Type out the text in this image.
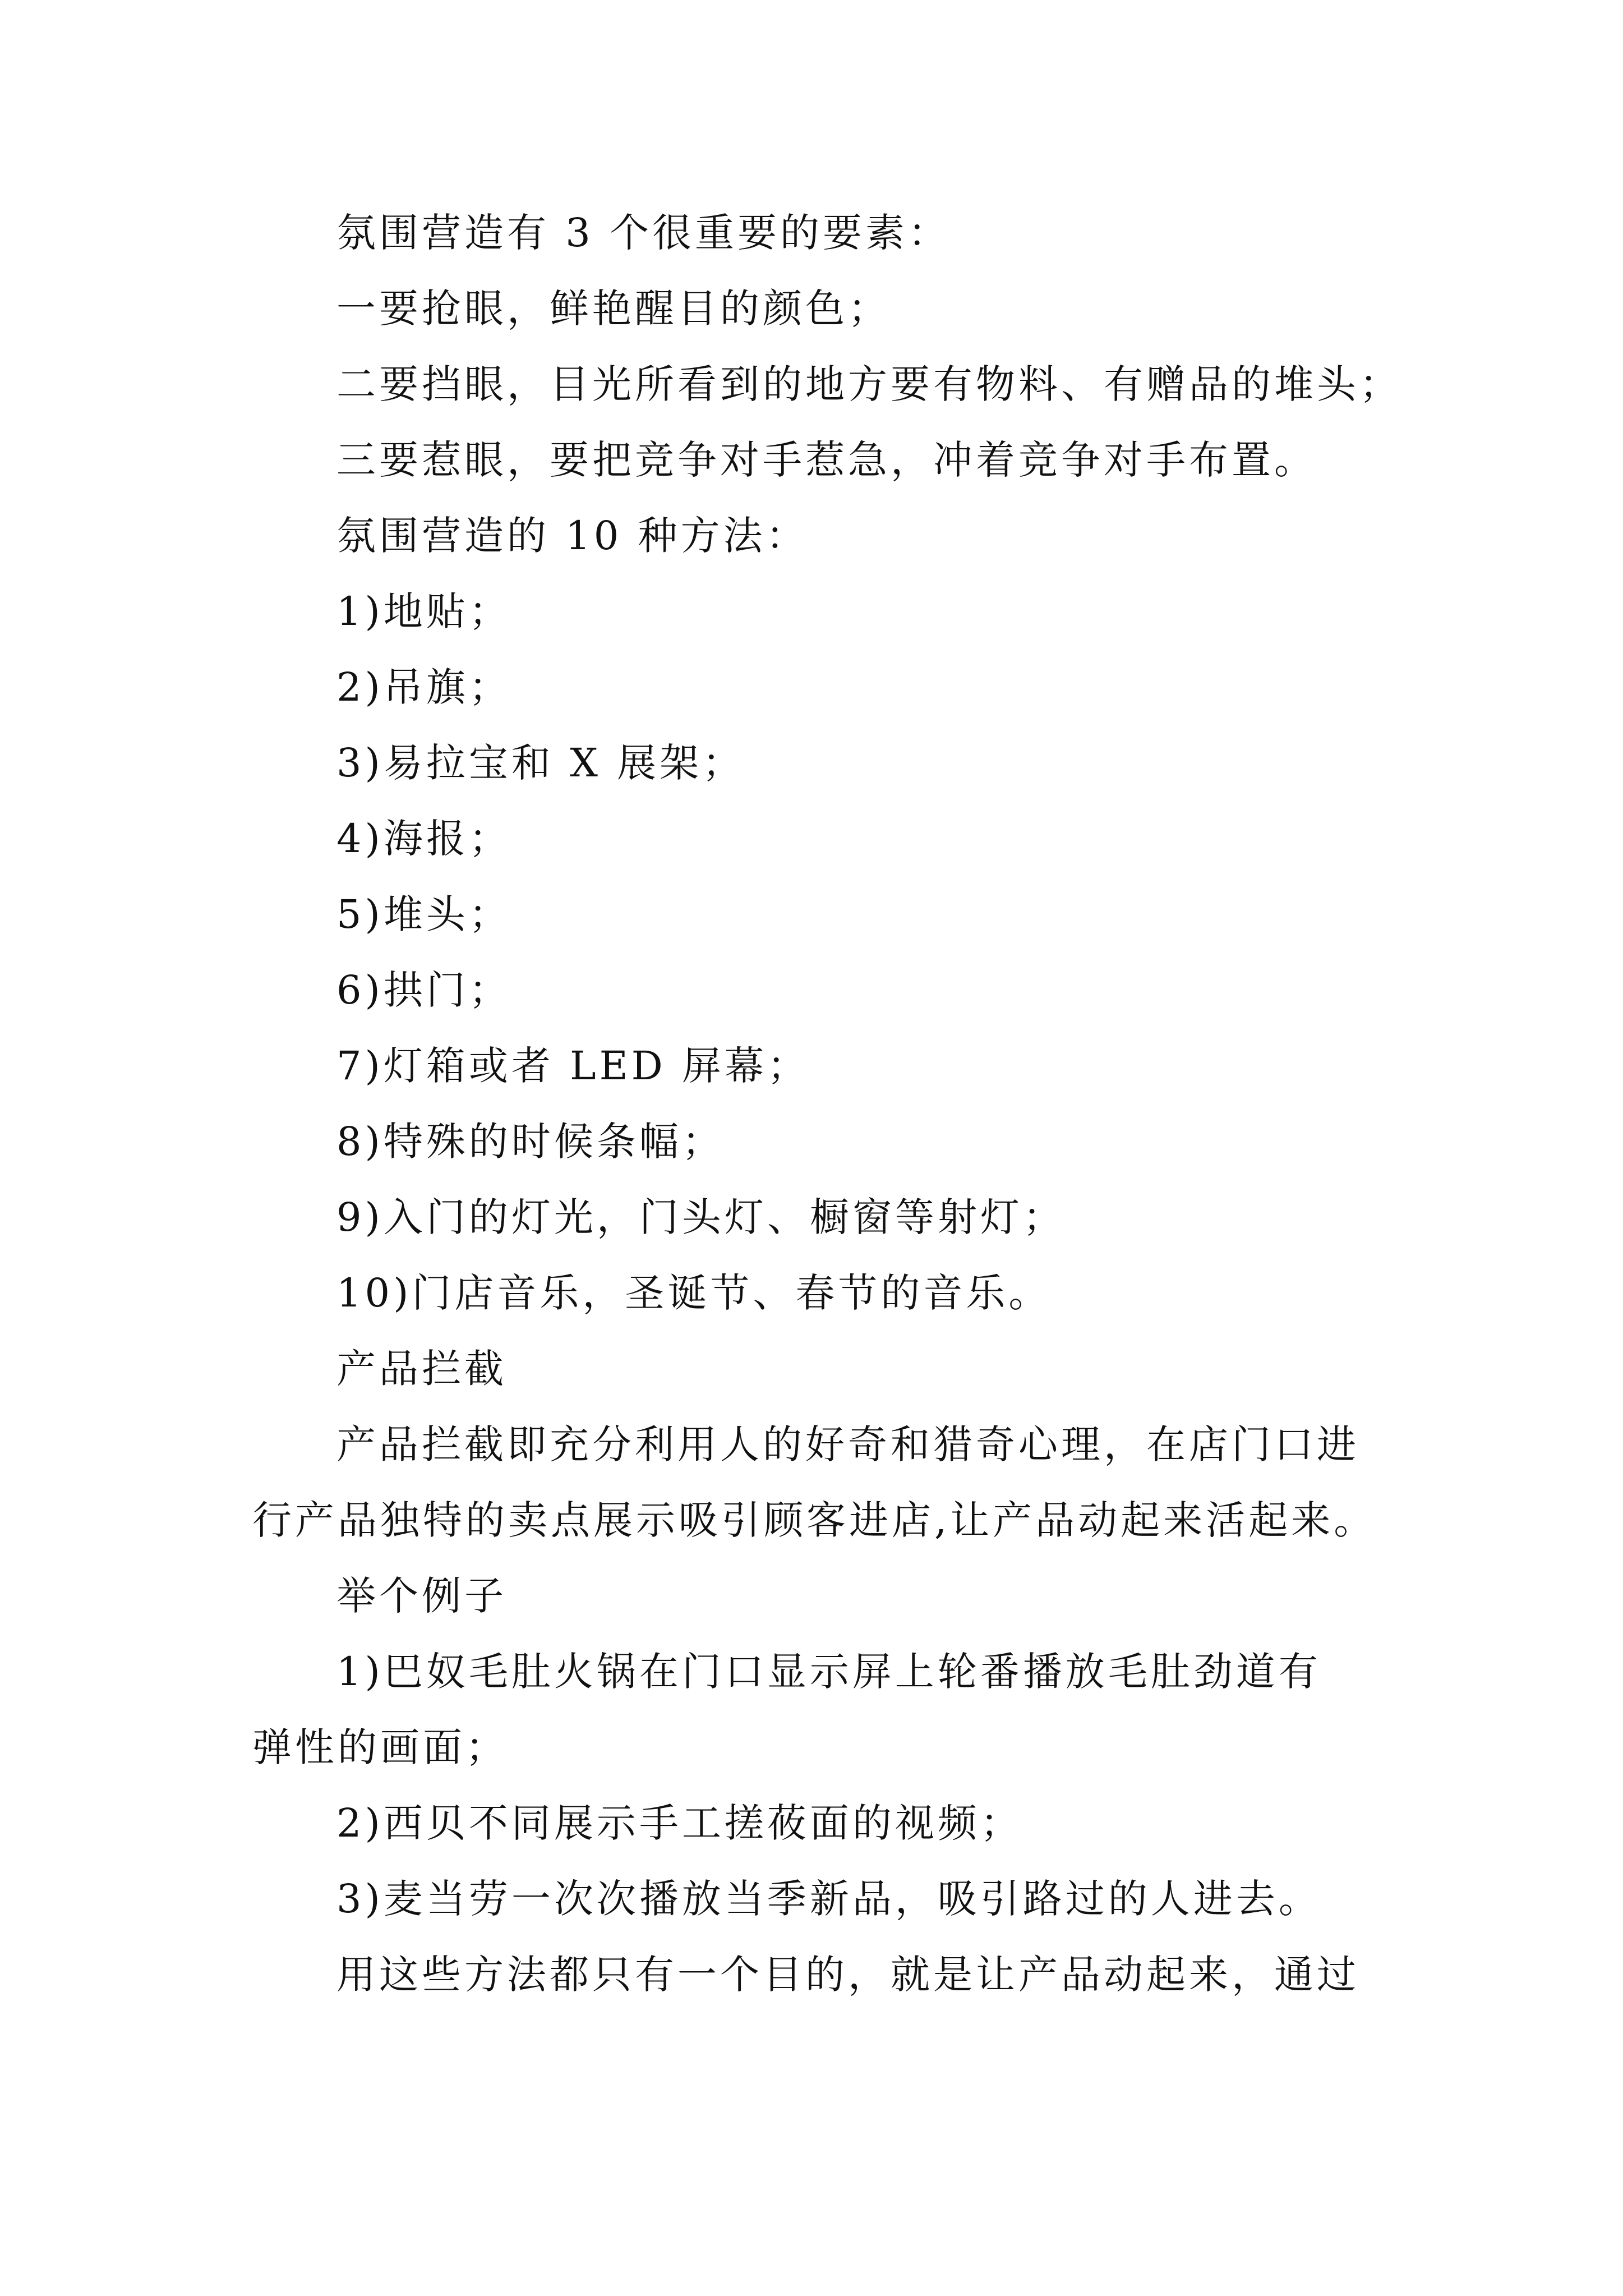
氛围营造有 3 个很重要的要素：
一要抢眼，鲜艳醒目的颜色；
二要挡眼，目光所看到的地方要有物料、有赠品的堆头；
三要惹眼，要把竞争对手惹急，冲着竞争对手布置。
氛围营造的 10 种方法：
1)地贴；
2)吊旗；
3)易拉宝和 X 展架；
4)海报；
5)堆头；
6)拱门；
7)灯箱或者 LED 屏幕；
8)特殊的时候条幅；
9)入门的灯光，门头灯、橱窗等射灯；
10)门店音乐，圣诞节、春节的音乐。
产品拦截
产品拦截即充分利用人的好奇和猎奇心理，在店门口进
行产品独特的卖点展示吸引顾客进店,让产品动起来活起来。
举个例子
1)巴奴毛肚火锅在门口显示屏上轮番播放毛肚劲道有
弹性的画面；
2)西贝不同展示手工搓莜面的视频；
3)麦当劳一次次播放当季新品，吸引路过的人进去。
用这些方法都只有一个目的，就是让产品动起来，通过
